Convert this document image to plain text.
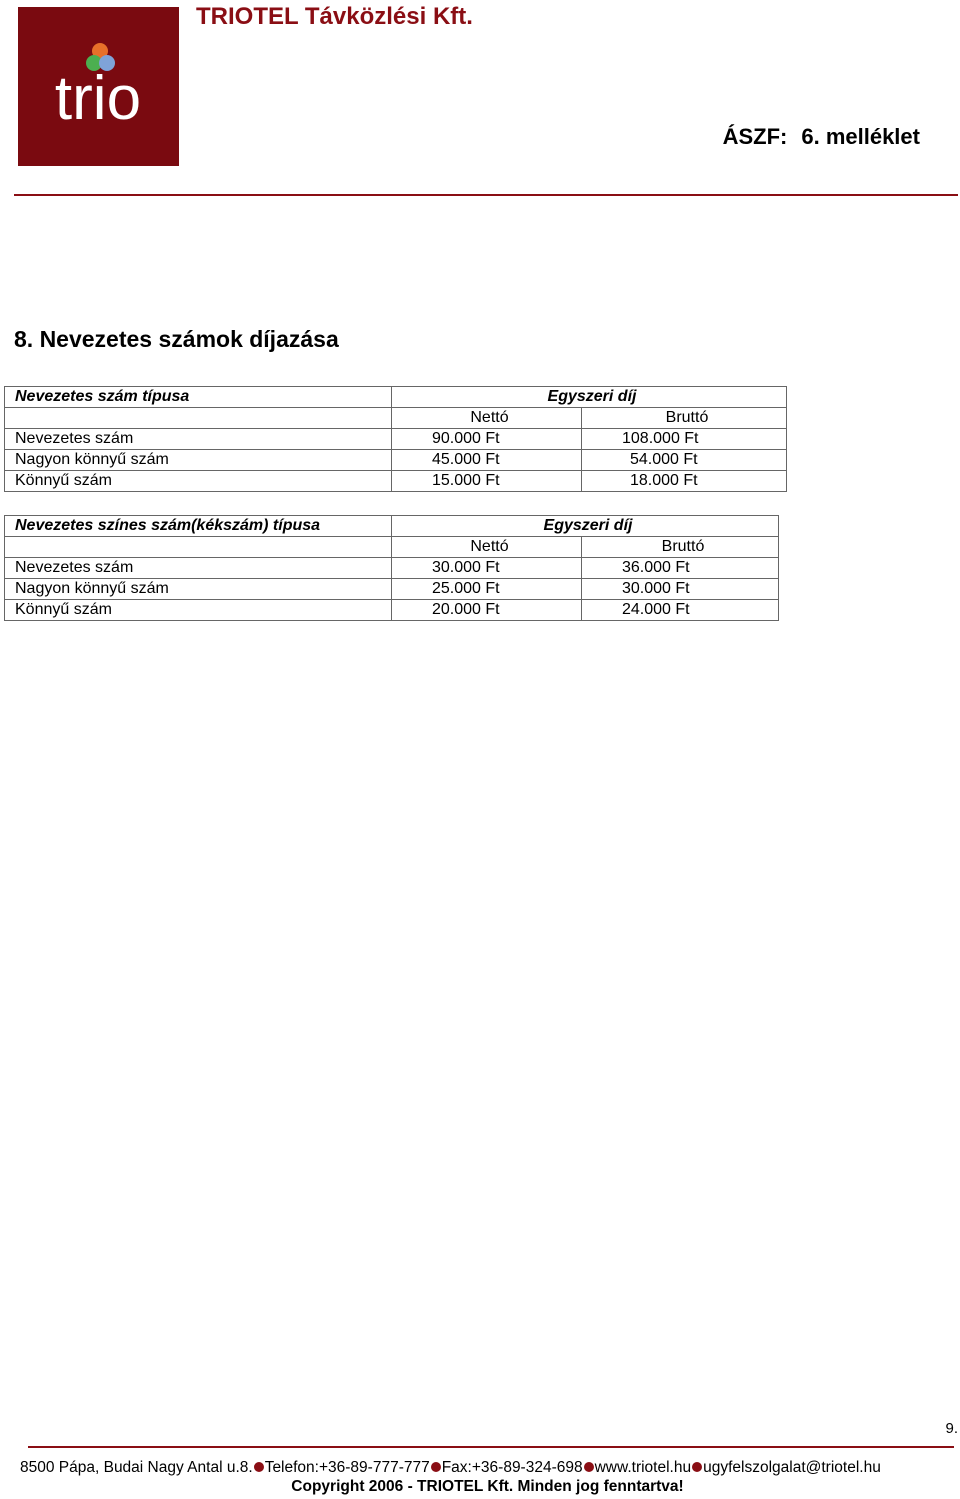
trio
TRIOTEL Távközlési Kft.
ÁSZF: 6. melléklet
8. Nevezetes számok díjazása
Nevezetes szám típusa	Egyszeri díj	
	Nettó	Bruttó
Nevezetes szám	90.000 Ft	108.000 Ft
Nagyon könnyű szám	45.000 Ft	54.000 Ft
Könnyű szám	15.000 Ft	18.000 Ft
Nevezetes színes szám(kékszám) típusa	Egyszeri díj	
	Nettó	Bruttó
Nevezetes szám	30.000 Ft	36.000 Ft
Nagyon könnyű szám	25.000 Ft	30.000 Ft
Könnyű szám	20.000 Ft	24.000 Ft
9.
8500 Pápa, Budai Nagy Antal u.8. Telefon:+36-89-777-777 Fax:+36-89-324-698 www.triotel.hu ugyfelszolgalat@triotel.hu
Copyright 2006 - TRIOTEL Kft. Minden jog fenntartva!
